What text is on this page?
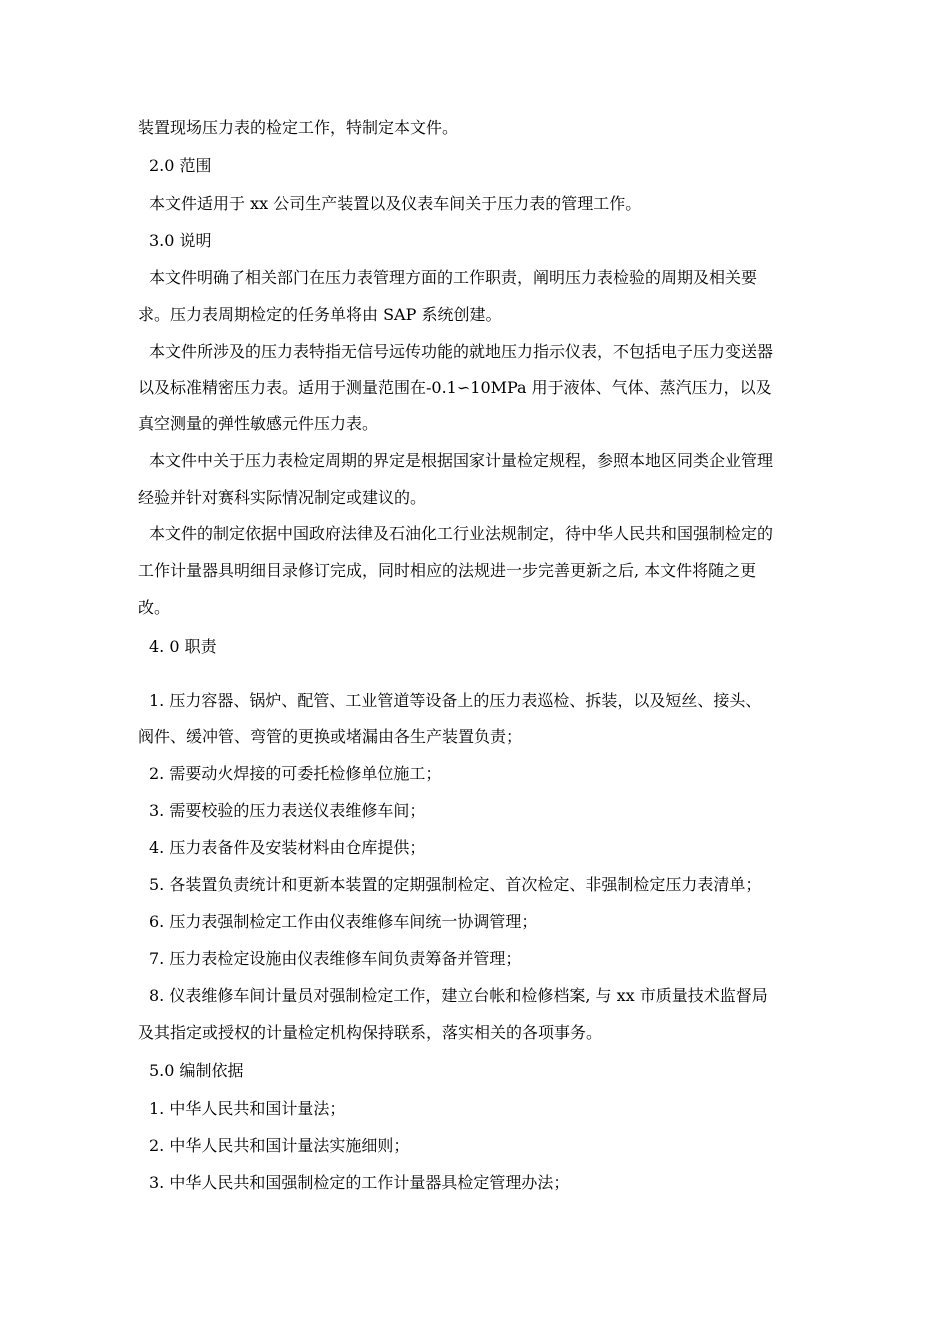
装置现场压力表的检定工作，特制定本文件。

2.0 范围

本文件适用于 xx 公司生产装置以及仪表车间关于压力表的管理工作。

3.0 说明

本文件明确了相关部门在压力表管理方面的工作职责，阐明压力表检验的周期及相关要

求。压力表周期检定的任务单将由 SAP 系统创建。

本文件所涉及的压力表特指无信号远传功能的就地压力指示仪表，不包括电子压力变送器

以及标准精密压力表。适用于测量范围在-0.1∽10MPa 用于液体、气体、蒸汽压力，以及

真空测量的弹性敏感元件压力表。

本文件中关于压力表检定周期的界定是根据国家计量检定规程，参照本地区同类企业管理

经验并针对赛科实际情况制定或建议的。

本文件的制定依据中国政府法律及石油化工行业法规制定，待中华人民共和国强制检定的

工作计量器具明细目录修订完成，同时相应的法规进一步完善更新之后, 本文件将随之更

改。

4. 0 职责

1. 压力容器、锅炉、配管、工业管道等设备上的压力表巡检、拆装，以及短丝、接头、

阀件、缓冲管、弯管的更换或堵漏由各生产装置负责；

2. 需要动火焊接的可委托检修单位施工；

3. 需要校验的压力表送仪表维修车间；

4. 压力表备件及安装材料由仓库提供；

5. 各装置负责统计和更新本装置的定期强制检定、首次检定、非强制检定压力表清单；

6. 压力表强制检定工作由仪表维修车间统一协调管理；

7. 压力表检定设施由仪表维修车间负责筹备并管理；

8. 仪表维修车间计量员对强制检定工作，建立台帐和检修档案, 与 xx 市质量技术监督局

及其指定或授权的计量检定机构保持联系，落实相关的各项事务。

5.0 编制依据

1. 中华人民共和国计量法；

2. 中华人民共和国计量法实施细则；

3. 中华人民共和国强制检定的工作计量器具检定管理办法；
